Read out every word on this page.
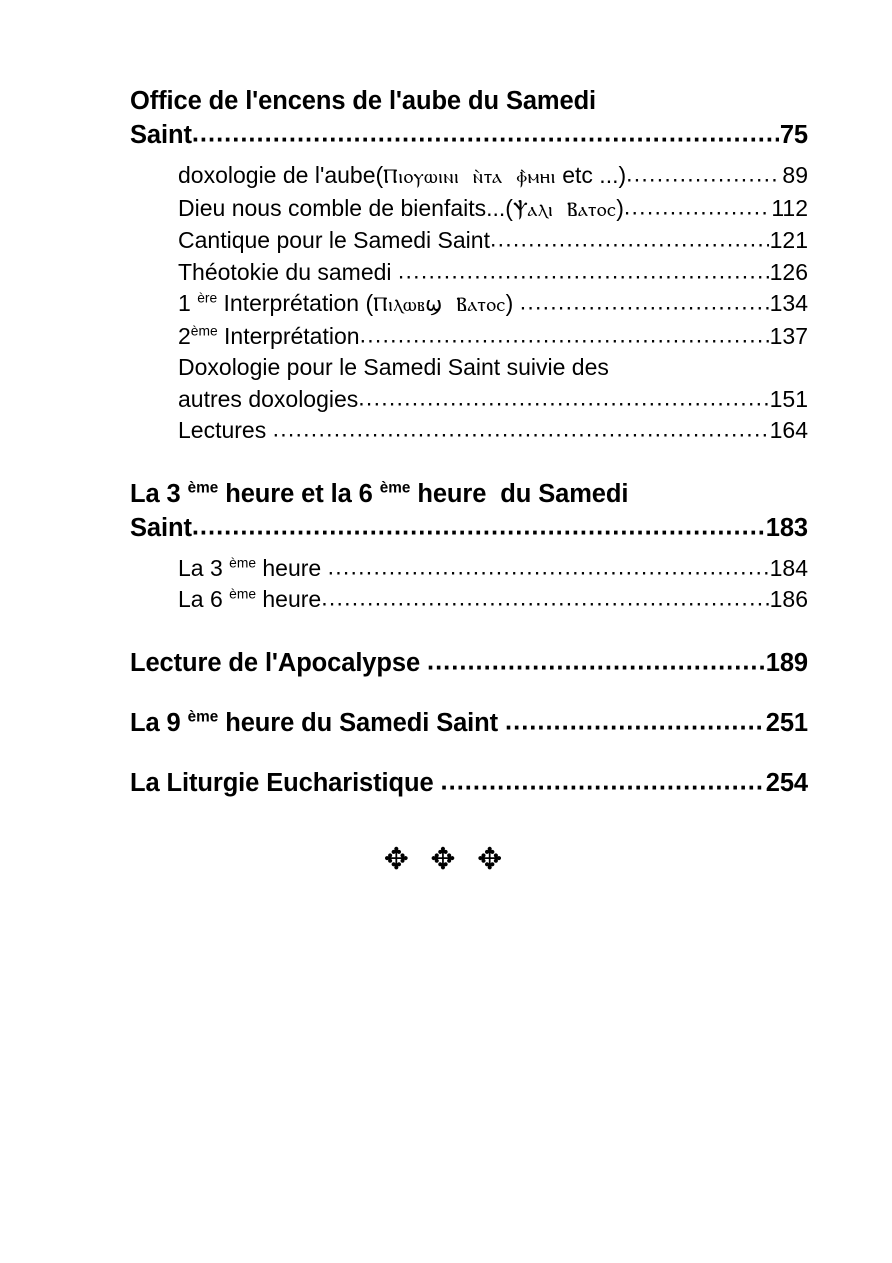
Office de l'encens de l'aube du Samedi
Saint .....	75
doxologie de l'aube(Ⲡⲓⲟⲩⲱⲓⲛⲓ  ⲛ̀ⲧⲁ  ⲫ̀ⲙⲏⲓ etc ...) .....	89
Dieu nous comble de bienfaits...(Ⲯⲁⲗⲓ  Ⲃⲁⲧⲟⲥ) .....	112
Cantique pour le Samedi Saint .....	121
Théotokie du samedi .....	126
1 $^{ère}$ Interprétation (Ⲡⲓⲗⲱⲃϣ  Ⲃⲁⲧⲟⲥ) .....	134
2ème Interprétation .....	137
Doxologie pour le Samedi Saint suivie des
autres doxologies .....	151
Lectures .....	164
La 3 $^{ème}$ heure et la 6 $^{ème}$ heure  du Samedi
Saint .....	183
La 3 $^{ème}$ heure .....	184
La 6 $^{ème}$ heure .....	186
Lecture de l'Apocalypse .....	189
La 9 $^{ème}$ heure du Samedi Saint .....	251
La Liturgie Eucharistique .....	254
✥ ✥ ✥
